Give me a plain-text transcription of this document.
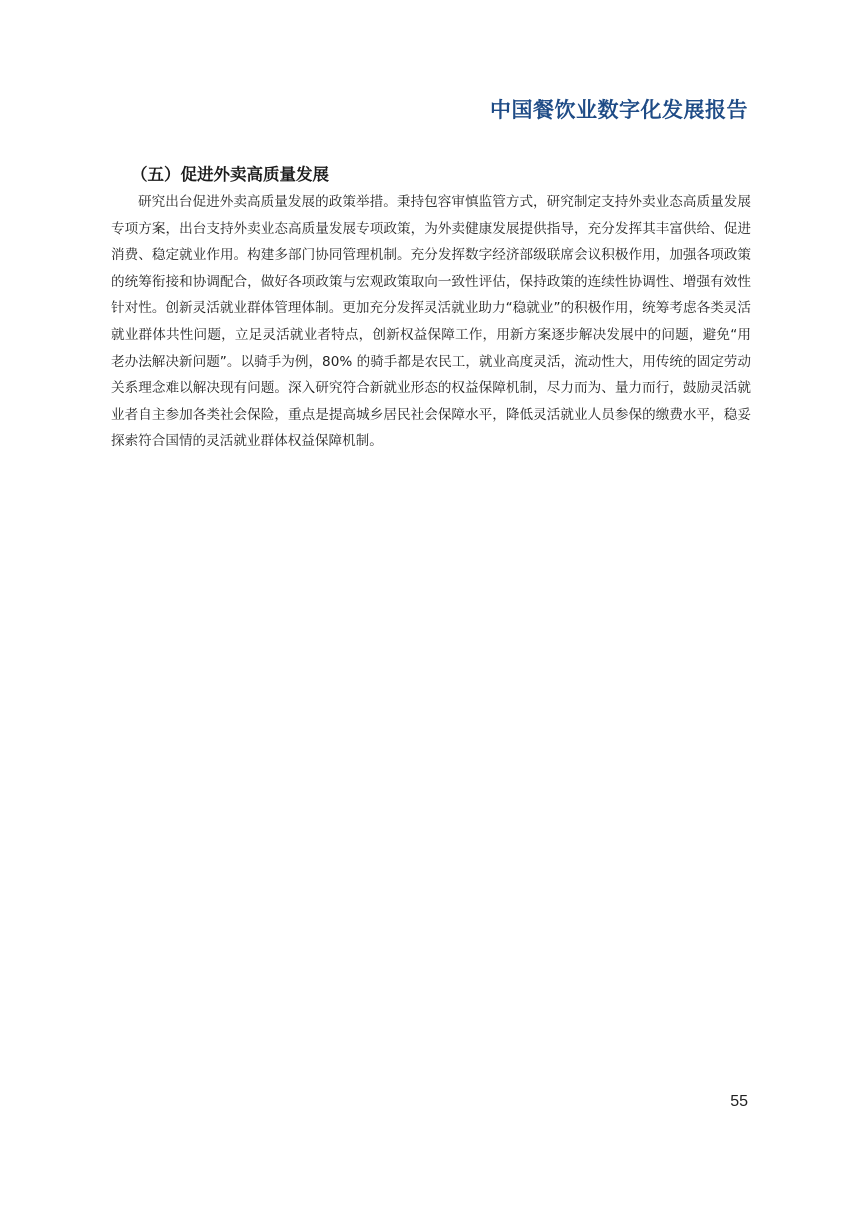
中国餐饮业数字化发展报告
（五）促进外卖高质量发展

研究出台促进外卖高质量发展的政策举措。秉持包容审慎监管方式，研究制定支持外卖业态高质量发展专项方案，出台支持外卖业态高质量发展专项政策，为外卖健康发展提供指导，充分发挥其丰富供给、促进消费、稳定就业作用。构建多部门协同管理机制。充分发挥数字经济部级联席会议积极作用，加强各项政策的统筹衔接和协调配合，做好各项政策与宏观政策取向一致性评估，保持政策的连续性协调性、增强有效性针对性。创新灵活就业群体管理体制。更加充分发挥灵活就业助力“稳就业”的积极作用，统筹考虑各类灵活就业群体共性问题，立足灵活就业者特点，创新权益保障工作，用新方案逐步解决发展中的问题，避免“用老办法解决新问题”。以骑手为例，80% 的骑手都是农民工，就业高度灵活，流动性大，用传统的固定劳动关系理念难以解决现有问题。深入研究符合新就业形态的权益保障机制，尽力而为、量力而行，鼓励灵活就业者自主参加各类社会保险，重点是提高城乡居民社会保障水平，降低灵活就业人员参保的缴费水平，稳妥探索符合国情的灵活就业群体权益保障机制。

55
